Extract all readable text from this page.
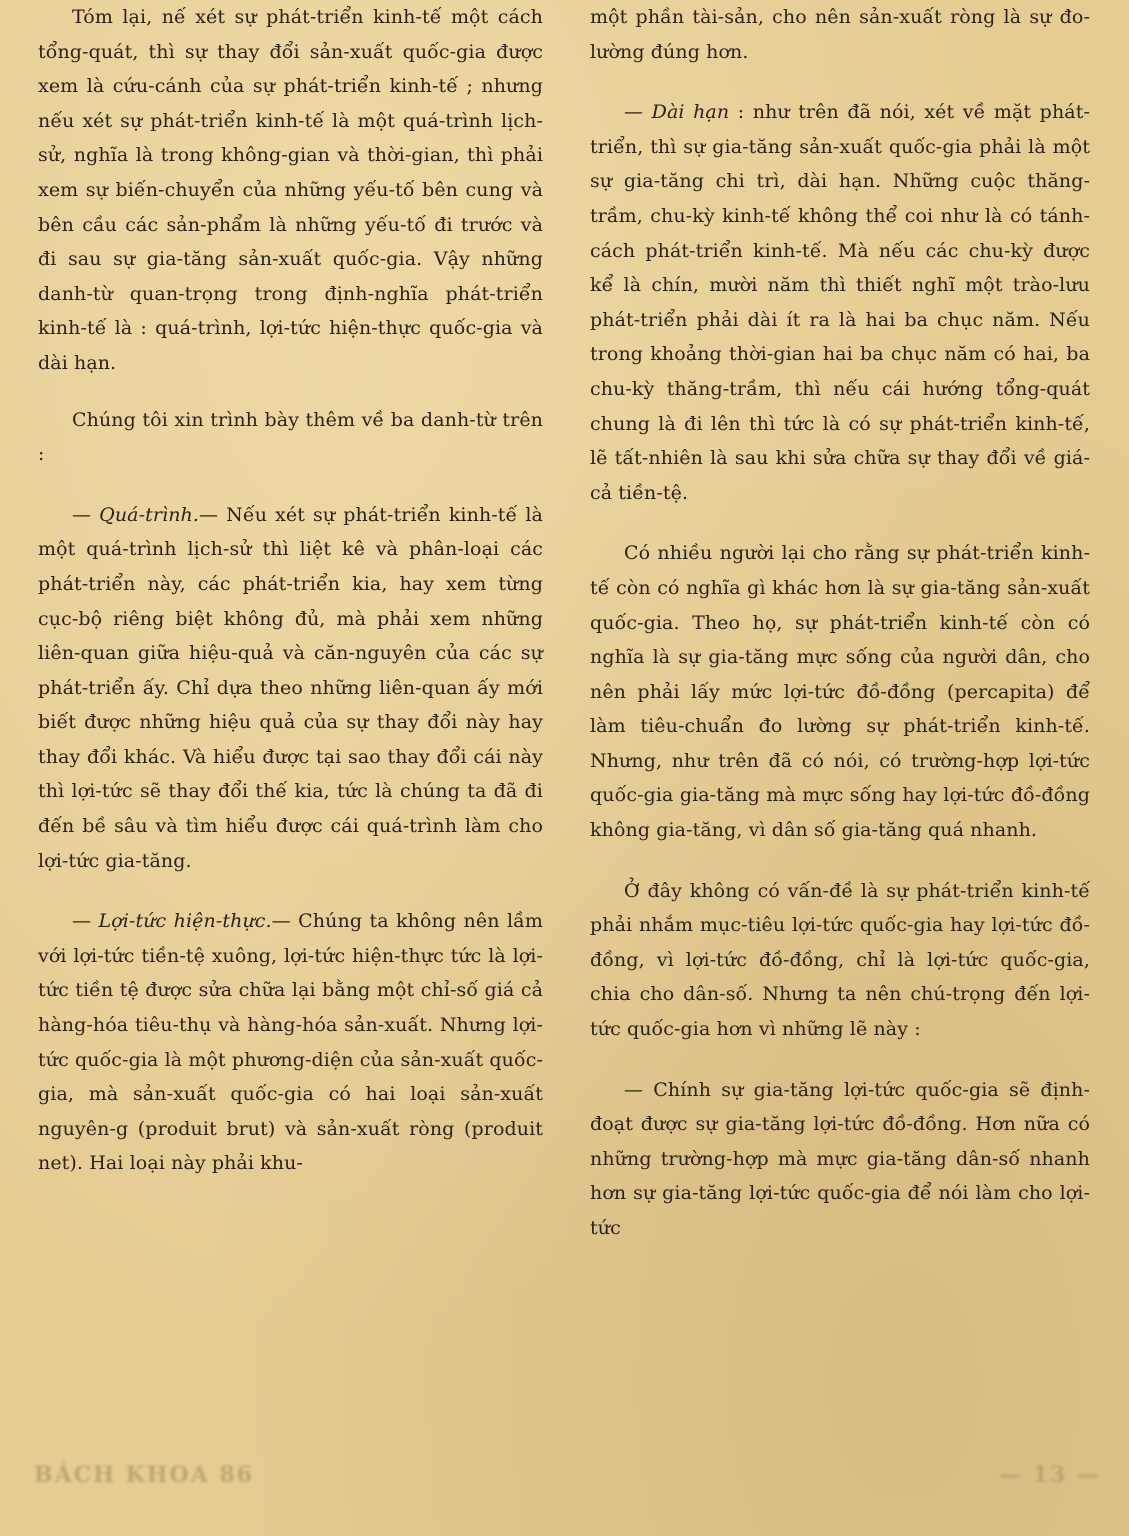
Tóm lại, nế xét sự phát-triển kinh-tế một cách tổng-quát, thì sự thay đổi sản-xuất quốc-gia được xem là cứu-cánh của sự phát-triển kinh-tế ; nhưng nếu xét sự phát-triển kinh-tế là một quá-trình lịch-sử, nghĩa là trong không-gian và thời-gian, thì phải xem sự biến-chuyển của những yếu-tố bên cung và bên cầu các sản-phẩm là những yếu-tố đi trước và đi sau sự gia-tăng sản-xuất quốc-gia. Vậy những danh-từ quan-trọng trong định-nghĩa phát-triển kinh-tế là : quá-trình, lợi-tức hiện-thực quốc-gia và dài hạn.

Chúng tôi xin trình bày thêm về ba danh-từ trên :

— Quá-trình.— Nếu xét sự phát-triển kinh-tế là một quá-trình lịch-sử thì liệt kê và phân-loại các phát-triển này, các phát-triển kia, hay xem từng cục-bộ riêng biệt không đủ, mà phải xem những liên-quan giữa hiệu-quả và căn-nguyên của các sự phát-triển ấy. Chỉ dựa theo những liên-quan ấy mới biết được những hiệu quả của sự thay đổi này hay thay đổi khác. Và hiểu được tại sao thay đổi cái này thì lợi-tức sẽ thay đổi thế kia, tức là chúng ta đã đi đến bề sâu và tìm hiểu được cái quá-trình làm cho lợi-tức gia-tăng.

— Lợi-tức hiện-thực.— Chúng ta không nên lầm với lợi-tức tiền-tệ xuông, lợi-tức hiện-thực tức là lợi-tức tiền tệ được sửa chữa lại bằng một chỉ-số giá cả hàng-hóa tiêu-thụ và hàng-hóa sản-xuất. Nhưng lợi-tức quốc-gia là một phương-diện của sản-xuất quốc-gia, mà sản-xuất quốc-gia có hai loại sản-xuất nguyên-g (produit brut) và sản-xuất ròng (produit net). Hai loại này phải khu-

một phần tài-sản, cho nên sản-xuất ròng là sự đo-lường đúng hơn.

— Dài hạn : như trên đã nói, xét về mặt phát-triển, thì sự gia-tăng sản-xuất quốc-gia phải là một sự gia-tăng chi trì, dài hạn. Những cuộc thăng-trầm, chu-kỳ kinh-tế không thể coi như là có tánh-cách phát-triển kinh-tế. Mà nếu các chu-kỳ được kể là chín, mười năm thì thiết nghĩ một trào-lưu phát-triển phải dài ít ra là hai ba chục năm. Nếu trong khoảng thời-gian hai ba chục năm có hai, ba chu-kỳ thăng-trầm, thì nếu cái hướng tổng-quát chung là đi lên thì tức là có sự phát-triển kinh-tế, lẽ tất-nhiên là sau khi sửa chữa sự thay đổi về giá-cả tiền-tệ.

Có nhiều người lại cho rằng sự phát-triển kinh-tế còn có nghĩa gì khác hơn là sự gia-tăng sản-xuất quốc-gia. Theo họ, sự phát-triển kinh-tế còn có nghĩa là sự gia-tăng mực sống của người dân, cho nên phải lấy mức lợi-tức đồ-đồng (percapita) để làm tiêu-chuẩn đo lường sự phát-triển kinh-tế. Nhưng, như trên đã có nói, có trường-hợp lợi-tức quốc-gia gia-tăng mà mực sống hay lợi-tức đồ-đồng không gia-tăng, vì dân số gia-tăng quá nhanh.

Ở đây không có vấn-đề là sự phát-triển kinh-tế phải nhắm mục-tiêu lợi-tức quốc-gia hay lợi-tức đồ-đồng, vì lợi-tức đồ-đồng, chỉ là lợi-tức quốc-gia, chia cho dân-số. Nhưng ta nên chú-trọng đến lợi-tức quốc-gia hơn vì những lẽ này :

— Chính sự gia-tăng lợi-tức quốc-gia sẽ định-đoạt được sự gia-tăng lợi-tức đồ-đồng. Hơn nữa có những trường-hợp mà mực gia-tăng dân-số nhanh hơn sự gia-tăng lợi-tức quốc-gia để nói làm cho lợi-tức

BÁCH KHOA 86	— 13 —
